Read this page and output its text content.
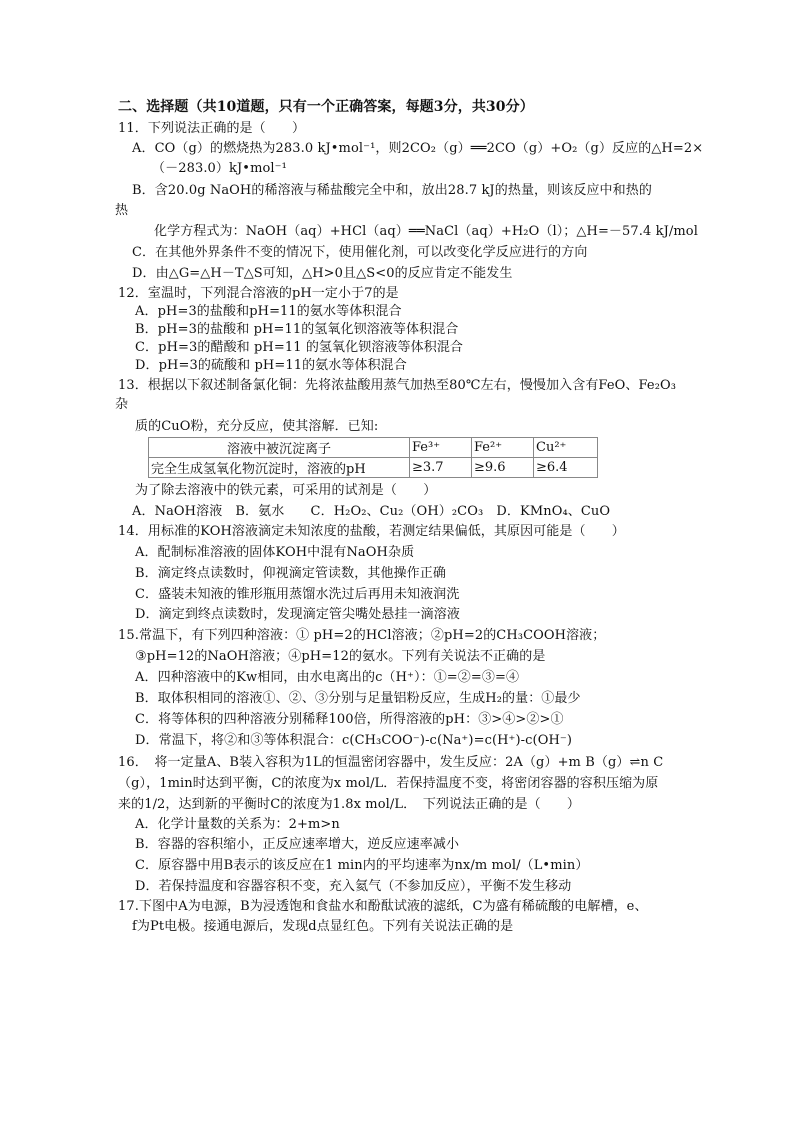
二、选择题（共10道题，只有一个正确答案，每题3分，共30分）
11．下列说法正确的是（　　）
A．CO（g）的燃烧热为283.0 kJ•mol⁻¹，则2CO₂（g）══2CO（g）+O₂（g）反应的△H=2×
（－283.0）kJ•mol⁻¹
B．含20.0g NaOH的稀溶液与稀盐酸完全中和，放出28.7 kJ的热量，则该反应中和热的
热
化学方程式为：NaOH（aq）+HCl（aq）══NaCl（aq）+H₂O（l）；△H=－57.4 kJ/mol
C．在其他外界条件不变的情况下，使用催化剂，可以改变化学反应进行的方向
D．由△G=△H－T△S可知，△H>0且△S<0的反应肯定不能发生
12．室温时，下列混合溶液的pH一定小于7的是
A．pH=3的盐酸和pH=11的氨水等体积混合
B．pH=3的盐酸和 pH=11的氢氧化钡溶液等体积混合
C．pH=3的醋酸和 pH=11 的氢氧化钡溶液等体积混合
D．pH=3的硫酸和 pH=11的氨水等体积混合
13．根据以下叙述制备氯化铜：先将浓盐酸用蒸气加热至80℃左右，慢慢加入含有FeO、Fe₂O₃
杂
质的CuO粉，充分反应，使其溶解．已知:
溶液中被沉淀离子	Fe³⁺	Fe²⁺	Cu²⁺
完全生成氢氧化物沉淀时，溶液的pH	≥3.7	≥9.6	≥6.4
为了除去溶液中的铁元素，可采用的试剂是（　　）
A．NaOH溶液　B．氨水　　C．H₂O₂、Cu₂（OH）₂CO₃　D．KMnO₄、CuO
14．用标准的KOH溶液滴定未知浓度的盐酸，若测定结果偏低，其原因可能是（　　）
A．配制标准溶液的固体KOH中混有NaOH杂质
B．滴定终点读数时，仰视滴定管读数，其他操作正确
C．盛装未知液的锥形瓶用蒸馏水洗过后再用未知液润洗
D．滴定到终点读数时，发现滴定管尖嘴处悬挂一滴溶液
15.常温下，有下列四种溶液：① pH=2的HCl溶液；②pH=2的CH₃COOH溶液；
③pH=12的NaOH溶液；④pH=12的氨水。下列有关说法不正确的是
A．四种溶液中的Kᴡ相同，由水电离出的c（H⁺）：①=②=③=④
B．取体积相同的溶液①、②、③分别与足量铝粉反应，生成H₂的量：①最少
C．将等体积的四种溶液分别稀释100倍，所得溶液的pH：③>④>②>①
D．常温下，将②和③等体积混合：c(CH₃COO⁻)-c(Na⁺)=c(H⁺)-c(OH⁻)
16．　将一定量A、B装入容积为1L的恒温密闭容器中，发生反应：2A（g）+m B（g）⇌n C
（g），1min时达到平衡，C的浓度为x mol/L．若保持温度不变，将密闭容器的容积压缩为原
来的1/2，达到新的平衡时C的浓度为1.8x mol/L．　下列说法正确的是（　　）
A．化学计量数的关系为：2+m>n
B．容器的容积缩小，正反应速率增大，逆反应速率减小
C．原容器中用B表示的该反应在1 min内的平均速率为nx/m mol/（L•min）
D．若保持温度和容器容积不变，充入氦气（不参加反应），平衡不发生移动
17.下图中A为电源，B为浸透饱和食盐水和酚酞试液的滤纸，C为盛有稀硫酸的电解槽，e、
f为Pt电极。接通电源后，发现d点显红色。下列有关说法正确的是
